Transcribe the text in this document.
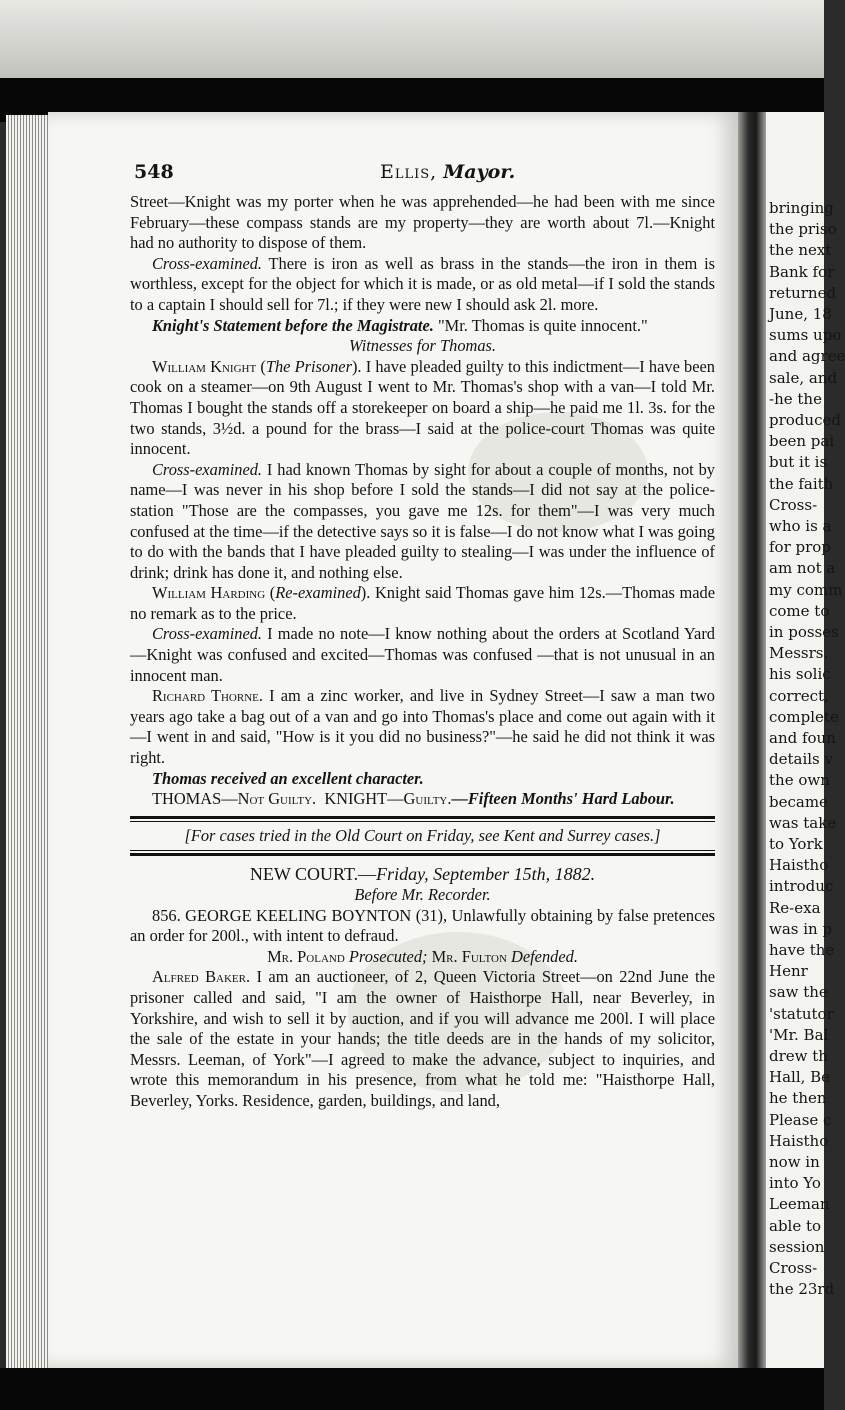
bringing
the priso
the next
Bank for
returned
June, 18
sums upo
and agree
sale, and
-he the
produced
been pai
but it is
the faith
Cross-
who is a
for prop
am not a
my comm
come to
in posses
Messrs.
his solic
correct,
complete
and foun
details v
the own
became
was take
to York
Haistho
introduc
Re-exa
was in p
have the
Henr
saw the
'statutor
'Mr. Bal
drew th
Hall, Be
he then
Please c
Haistho
now in
into Yo
Leeman
able to
session
Cross-
the 23rd
548	Ellis, Mayor.

Street—Knight was my porter when he was apprehended—he had been with me since February—these compass stands are my property—they are worth about 7l.—Knight had no authority to dispose of them.

Cross-examined. There is iron as well as brass in the stands—the iron in them is worthless, except for the object for which it is made, or as old metal—if I sold the stands to a captain I should sell for 7l.; if they were new I should ask 2l. more.

Knight's Statement before the Magistrate. "Mr. Thomas is quite innocent."

Witnesses for Thomas.

William Knight (The Prisoner). I have pleaded guilty to this indictment—I have been cook on a steamer—on 9th August I went to Mr. Thomas's shop with a van—I told Mr. Thomas I bought the stands off a storekeeper on board a ship—he paid me 1l. 3s. for the two stands, 3½d. a pound for the brass—I said at the police-court Thomas was quite innocent.

Cross-examined. I had known Thomas by sight for about a couple of months, not by name—I was never in his shop before I sold the stands—I did not say at the police-station "Those are the compasses, you gave me 12s. for them"—I was very much confused at the time—if the detective says so it is false—I do not know what I was going to do with the bands that I have pleaded guilty to stealing—I was under the influence of drink; drink has done it, and nothing else.

William Harding (Re-examined). Knight said Thomas gave him 12s.—Thomas made no remark as to the price.

Cross-examined. I made no note—I know nothing about the orders at Scotland Yard—Knight was confused and excited—Thomas was confused —that is not unusual in an innocent man.

Richard Thorne. I am a zinc worker, and live in Sydney Street—I saw a man two years ago take a bag out of a van and go into Thomas's place and come out again with it—I went in and said, "How is it you did no business?"—he said he did not think it was right.

Thomas received an excellent character.

THOMAS—Not Guilty. KNIGHT—Guilty.—Fifteen Months' Hard Labour.

[For cases tried in the Old Court on Friday, see Kent and Surrey cases.]

NEW COURT.—Friday, September 15th, 1882.

Before Mr. Recorder.

856. GEORGE KEELING BOYNTON (31), Unlawfully obtaining by false pretences an order for 200l., with intent to defraud.

Mr. Poland Prosecuted; Mr. Fulton Defended.

Alfred Baker. I am an auctioneer, of 2, Queen Victoria Street—on 22nd June the prisoner called and said, "I am the owner of Haisthorpe Hall, near Beverley, in Yorkshire, and wish to sell it by auction, and if you will advance me 200l. I will place the sale of the estate in your hands; the title deeds are in the hands of my solicitor, Messrs. Leeman, of York"—I agreed to make the advance, subject to inquiries, and wrote this memorandum in his presence, from what he told me: "Haisthorpe Hall, Beverley, Yorks. Residence, garden, buildings, and land,
